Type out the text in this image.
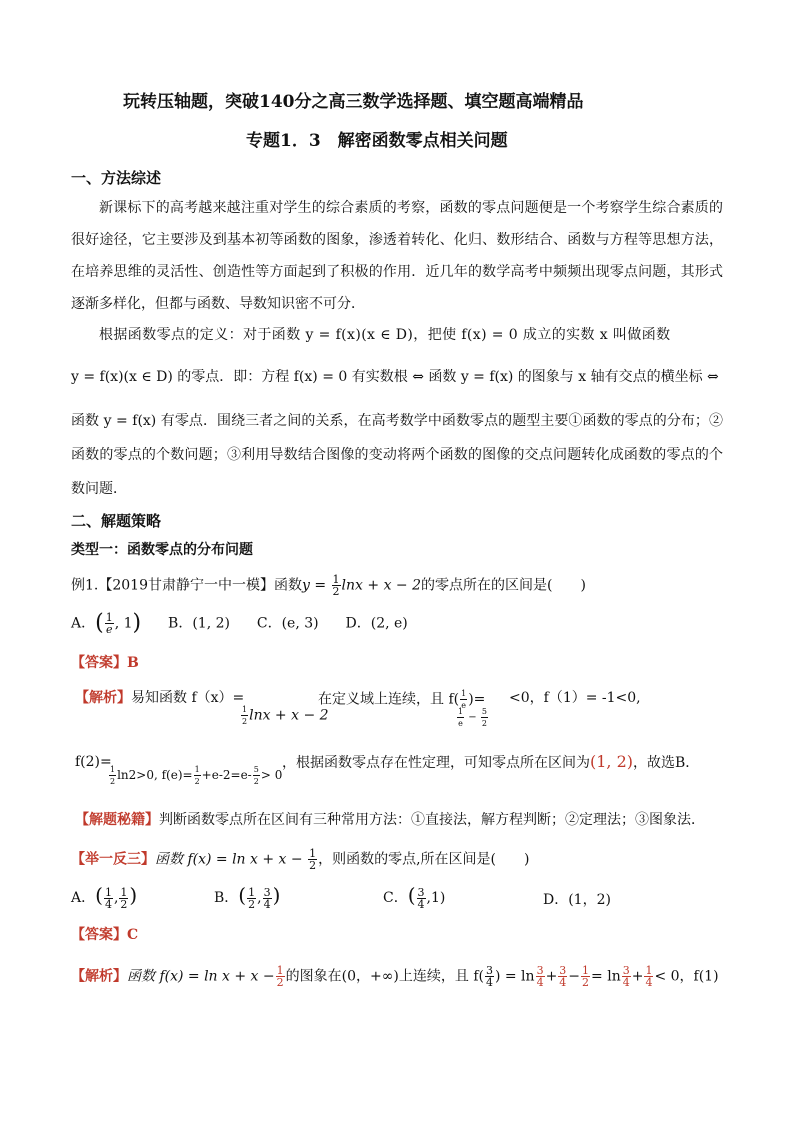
玩转压轴题，突破140分之高三数学选择题、填空题高端精品
专题1．3　解密函数零点相关问题
一、方法综述
新课标下的高考越来越注重对学生的综合素质的考察，函数的零点问题便是一个考察学生综合素质的很好途径，它主要涉及到基本初等函数的图象，渗透着转化、化归、数形结合、函数与方程等思想方法，在培养思维的灵活性、创造性等方面起到了积极的作用．近几年的数学高考中频频出现零点问题，其形式逐渐多样化，但都与函数、导数知识密不可分．
根据函数零点的定义：对于函数 y = f(x)(x ∈ D)，把使 f(x) = 0 成立的实数 x 叫做函数
y = f(x)(x ∈ D) 的零点．即：方程 f(x) = 0 有实数根 ⇔ 函数 y = f(x) 的图象与 x 轴有交点的横坐标 ⇔
函数 y = f(x) 有零点．围绕三者之间的关系，在高考数学中函数零点的题型主要①函数的零点的分布；②函数的零点的个数问题；③利用导数结合图像的变动将两个函数的图像的交点问题转化成函数的零点的个数问题．
二、解题策略
类型一：函数零点的分布问题
例1.【2019甘肃静宁一中一模】函数$y = \frac{1}{2}$ lnx + x − 2的零点所在的区间是(　　)
A．( $\frac{1}{e}$ , 1) B．(1, 2) C．(e, 3) D．(2, e)
【答案】B
【解析】易知函数 f（x）=
$\frac{1}{2}$ lnx + x − 2
在定义域上连续，且 $f( \frac{1}{e}$ )=
$\frac{1}{e} - \frac{5}{2}$
<0，f（1）= -1<0,
f(2)=
$\frac{1}{2} \ln 2>0$, $f(e)= \frac{1}{2} +e-2=e- \frac{5}{2} > 0$
，根据函数零点存在性定理，可知零点所在区间为(1, 2)，故选B．
【解题秘籍】判断函数零点所在区间有三种常用方法：①直接法，解方程判断；②定理法；③图象法．
【举一反三】函数 $f(x) = \ln x + x - \frac{1}{2}$ ，则函数的零点,所在区间是(　　)
A．( $\frac{1}{4}$ , $\frac{1}{2}$ )	B．( $\frac{1}{2}$ , $\frac{3}{4}$ )	C．( $\frac{3}{4} ,1$)	D．(1，2)
【答案】C
【解析】函数 $f(x) = \ln x + x - \frac{1}{2}$ 的图象在(0，+∞)上连续，且 $f( \frac{3}{4}$ ) = $\ln \frac{3}{4} + \frac{3}{4} - \frac{1}{2} = \ln \frac{3}{4} + \frac{1}{4} < 0$，f(1)
